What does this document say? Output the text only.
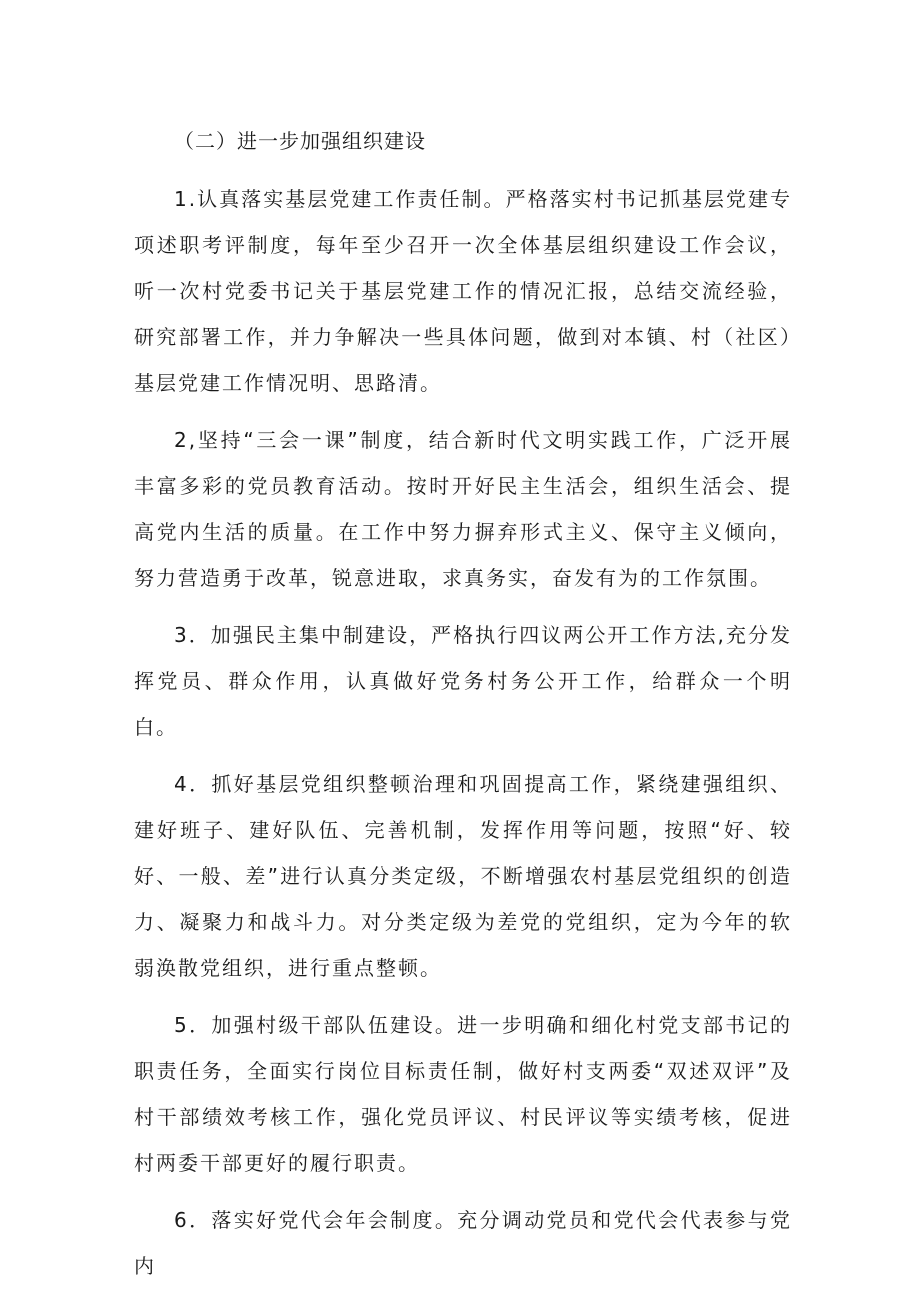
（二）进一步加强组织建设

1.认真落实基层党建工作责任制。严格落实村书记抓基层党建专项述职考评制度，每年至少召开一次全体基层组织建设工作会议，听一次村党委书记关于基层党建工作的情况汇报，总结交流经验，研究部署工作，并力争解决一些具体问题，做到对本镇、村（社区）基层党建工作情况明、思路清。

2,坚持“三会一课”制度，结合新时代文明实践工作，广泛开展丰富多彩的党员教育活动。按时开好民主生活会，组织生活会、提高党内生活的质量。在工作中努力摒弃形式主义、保守主义倾向，努力营造勇于改革，锐意进取，求真务实，奋发有为的工作氛围。

3．加强民主集中制建设，严格执行四议两公开工作方法,充分发挥党员、群众作用，认真做好党务村务公开工作，给群众一个明白。

4．抓好基层党组织整顿治理和巩固提高工作，紧绕建强组织、建好班子、建好队伍、完善机制，发挥作用等问题，按照“好、较好、一般、差”进行认真分类定级，不断增强农村基层党组织的创造力、凝聚力和战斗力。对分类定级为差党的党组织，定为今年的软弱涣散党组织，进行重点整顿。

5．加强村级干部队伍建设。进一步明确和细化村党支部书记的职责任务，全面实行岗位目标责任制，做好村支两委“双述双评”及村干部绩效考核工作，强化党员评议、村民评议等实绩考核，促进村两委干部更好的履行职责。

6．落实好党代会年会制度。充分调动党员和党代会代表参与党内
